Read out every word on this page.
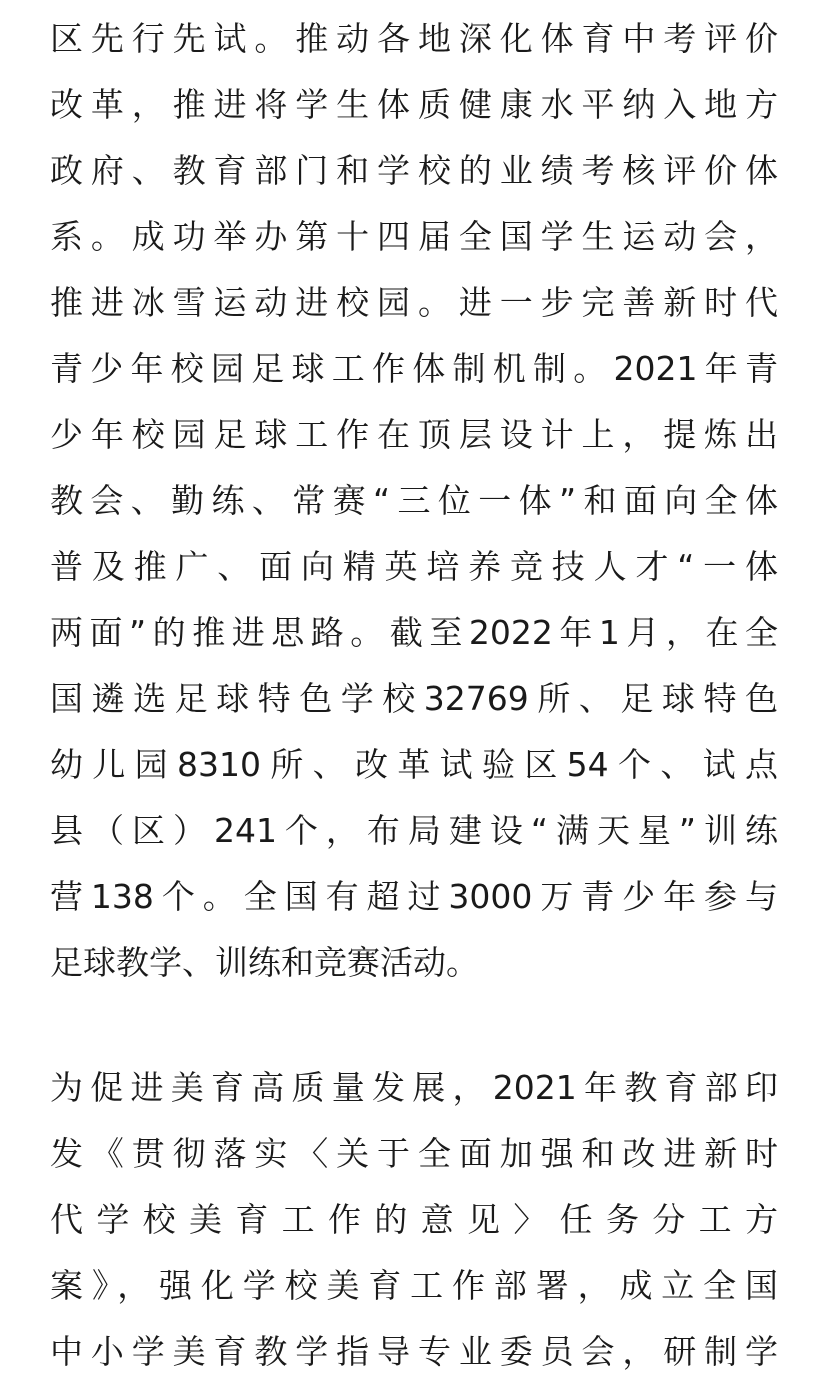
区先行先试。推动各地深化体育中考评价
改革，推进将学生体质健康水平纳入地方
政府、教育部门和学校的业绩考核评价体
系。成功举办第十四届全国学生运动会，
推进冰雪运动进校园。进一步完善新时代
青少年校园足球工作体制机制。2021年青
少年校园足球工作在顶层设计上，提炼出
教会、勤练、常赛“三位一体”和面向全体
普及推广、面向精英培养竞技人才“一体
两面”的推进思路。截至2022年1月，在全
国遴选足球特色学校32769所、足球特色
幼儿园8310所、改革试验区54个、试点
县（区）241个，布局建设“满天星”训练
营138个。全国有超过3000万青少年参与
足球教学、训练和竞赛活动。
为促进美育高质量发展，2021年教育部印
发《贯彻落实〈关于全面加强和改进新时
代学校美育工作的意见〉任务分工方
案》，强化学校美育工作部署，成立全国
中小学美育教学指导专业委员会，研制学
